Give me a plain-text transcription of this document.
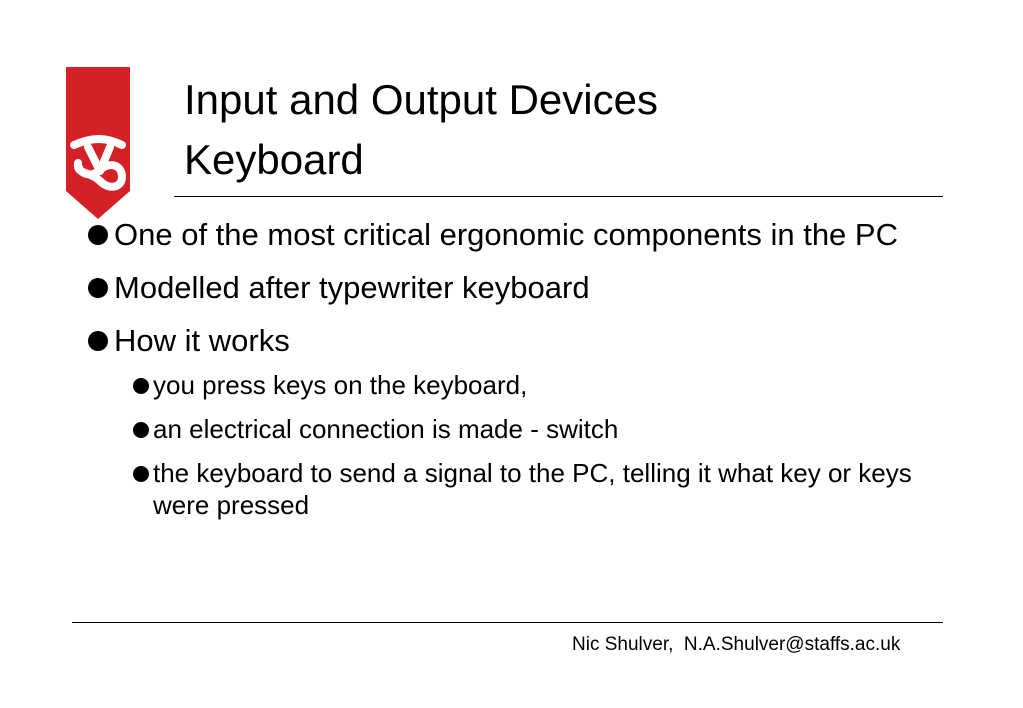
Input and Output Devices
Keyboard
One of the most critical ergonomic components in the PC
Modelled after typewriter keyboard
How it works
you press keys on the keyboard,
an electrical connection is made - switch
the keyboard to send a signal to the PC, telling it what key or keys were pressed
Nic Shulver,  N.A.Shulver@staffs.ac.uk
